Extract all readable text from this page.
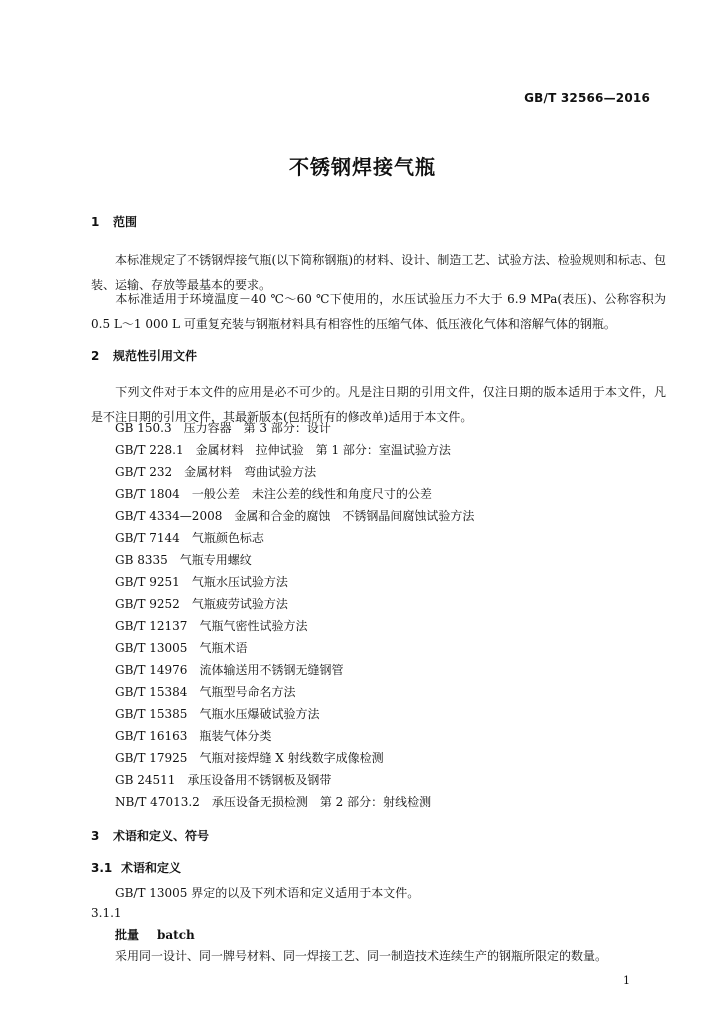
GB/T 32566—2016
不锈钢焊接气瓶
1 范围
本标准规定了不锈钢焊接气瓶(以下简称钢瓶)的材料、设计、制造工艺、试验方法、检验规则和标志、包装、运输、存放等最基本的要求。
本标准适用于环境温度－40 ℃～60 ℃下使用的，水压试验压力不大于 6.9 MPa(表压)、公称容积为 0.5 L～1 000 L 可重复充装与钢瓶材料具有相容性的压缩气体、低压液化气体和溶解气体的钢瓶。
2 规范性引用文件
下列文件对于本文件的应用是必不可少的。凡是注日期的引用文件，仅注日期的版本适用于本文件，凡是不注日期的引用文件，其最新版本(包括所有的修改单)适用于本文件。
GB 150.3 压力容器　第 3 部分：设计
GB/T 228.1 金属材料　拉伸试验　第 1 部分：室温试验方法
GB/T 232 金属材料　弯曲试验方法
GB/T 1804 一般公差　未注公差的线性和角度尺寸的公差
GB/T 4334—2008 金属和合金的腐蚀　不锈钢晶间腐蚀试验方法
GB/T 7144 气瓶颜色标志
GB 8335 气瓶专用螺纹
GB/T 9251 气瓶水压试验方法
GB/T 9252 气瓶疲劳试验方法
GB/T 12137 气瓶气密性试验方法
GB/T 13005 气瓶术语
GB/T 14976 流体输送用不锈钢无缝钢管
GB/T 15384 气瓶型号命名方法
GB/T 15385 气瓶水压爆破试验方法
GB/T 16163 瓶装气体分类
GB/T 17925 气瓶对接焊缝 X 射线数字成像检测
GB 24511 承压设备用不锈钢板及钢带
NB/T 47013.2 承压设备无损检测　第 2 部分：射线检测
3 术语和定义、符号
3.1 术语和定义
GB/T 13005 界定的以及下列术语和定义适用于本文件。
3.1.1
批量 batch
采用同一设计、同一牌号材料、同一焊接工艺、同一制造技术连续生产的钢瓶所限定的数量。
1
